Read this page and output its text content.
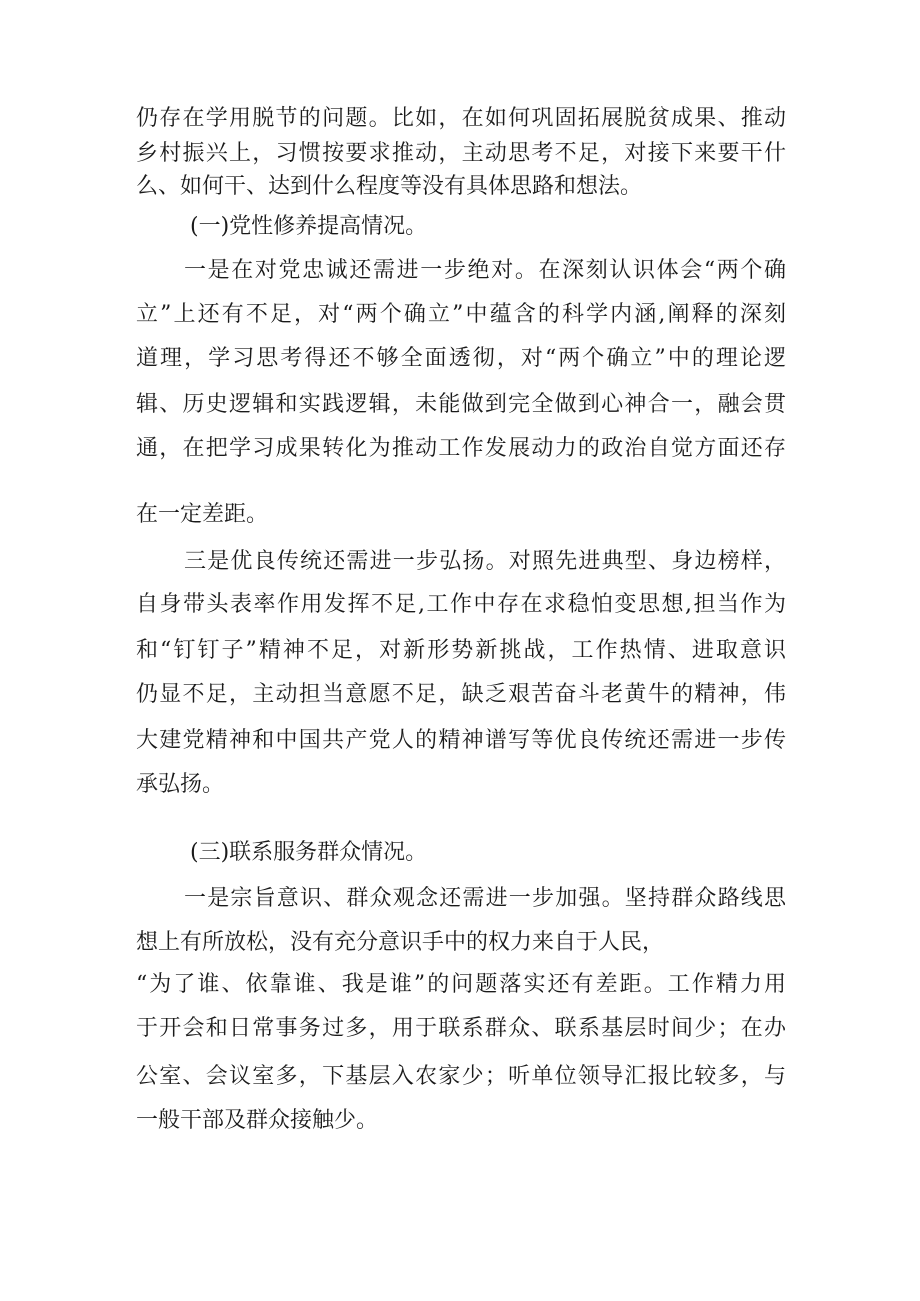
仍存在学用脱节的问题。比如，在如何巩固拓展脱贫成果、推动
乡村振兴上，习惯按要求推动，主动思考不足，对接下来要干什
么、如何干、达到什么程度等没有具体思路和想法。
(一)党性修养提高情况。
一是在对党忠诚还需进一步绝对。在深刻认识体会“两个确
立”上还有不足，对“两个确立”中蕴含的科学内涵,阐释的深刻
道理，学习思考得还不够全面透彻，对“两个确立”中的理论逻
辑、历史逻辑和实践逻辑，未能做到完全做到心神合一，融会贯
通，在把学习成果转化为推动工作发展动力的政治自觉方面还存
在一定差距。
三是优良传统还需进一步弘扬。对照先进典型、身边榜样，
自身带头表率作用发挥不足,工作中存在求稳怕变思想,担当作为
和“钉钉子”精神不足，对新形势新挑战，工作热情、进取意识
仍显不足，主动担当意愿不足，缺乏艰苦奋斗老黄牛的精神，伟
大建党精神和中国共产党人的精神谱写等优良传统还需进一步传
承弘扬。
(三)联系服务群众情况。
一是宗旨意识、群众观念还需进一步加强。坚持群众路线思
想上有所放松，没有充分意识手中的权力来自于人民，
“为了谁、依靠谁、我是谁”的问题落实还有差距。工作精力用
于开会和日常事务过多，用于联系群众、联系基层时间少；在办
公室、会议室多，下基层入农家少；听单位领导汇报比较多，与
一般干部及群众接触少。
